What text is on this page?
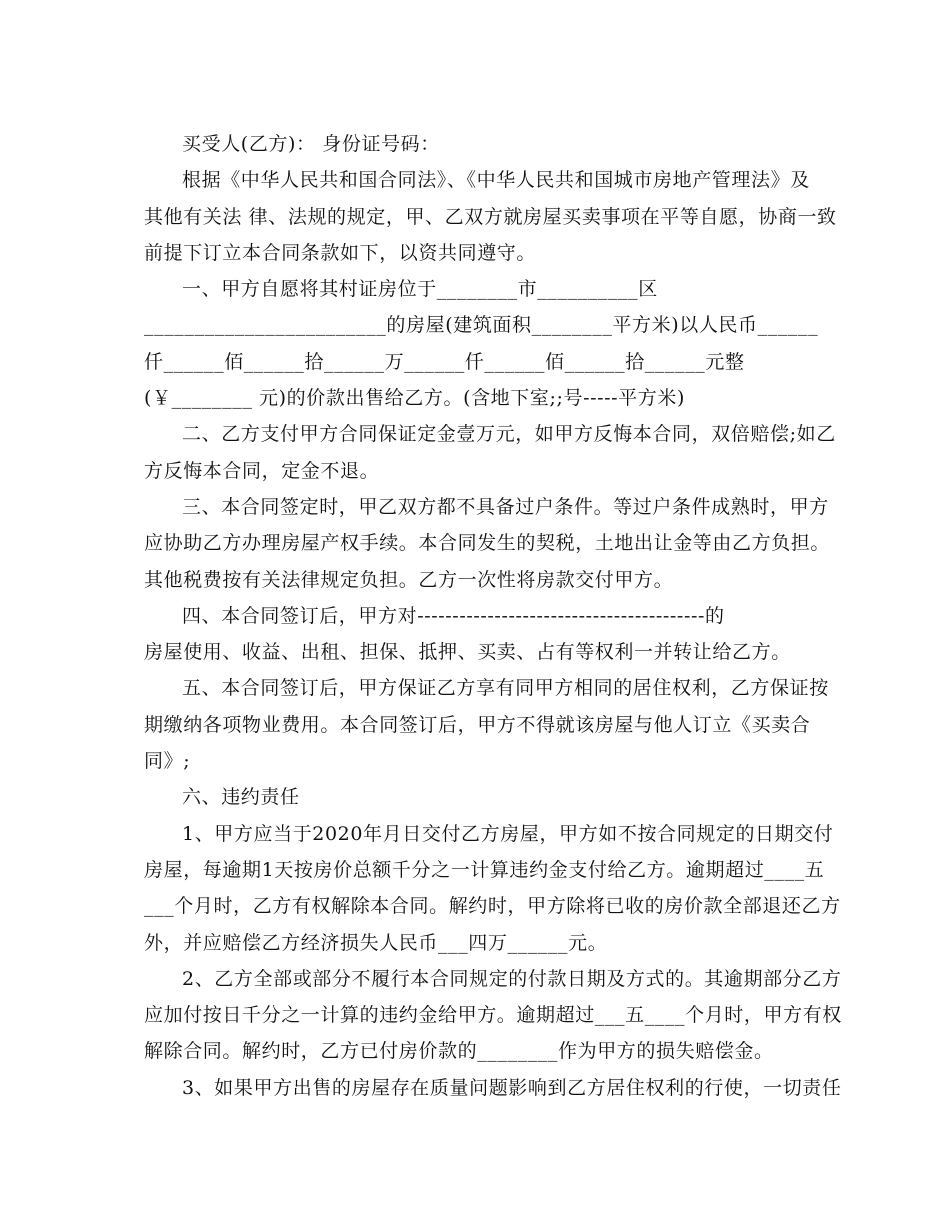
买受人(乙方)： 身份证号码：
根据《中华人民共和国合同法》、《中华人民共和国城市房地产管理法》及
其他有关法 律、法规的规定，甲、乙双方就房屋买卖事项在平等自愿，协商一致
前提下订立本合同条款如下，以资共同遵守。
一、甲方自愿将其村证房位于________市__________区
________________________的房屋(建筑面积________平方米)以人民币______
仟______佰______拾______万______仟______佰______拾______元整
(￥________ 元)的价款出售给乙方。(含地下室;;号-----平方米)
二、乙方支付甲方合同保证定金壹万元，如甲方反悔本合同，双倍赔偿;如乙
方反悔本合同，定金不退。
三、本合同签定时，甲乙双方都不具备过户条件。等过户条件成熟时，甲方
应协助乙方办理房屋产权手续。本合同发生的契税，土地出让金等由乙方负担。
其他税费按有关法律规定负担。乙方一次性将房款交付甲方。
四、本合同签订后，甲方对-----------------------------------------的
房屋使用、收益、出租、担保、抵押、买卖、占有等权利一并转让给乙方。
五、本合同签订后，甲方保证乙方享有同甲方相同的居住权利，乙方保证按
期缴纳各项物业费用。本合同签订后，甲方不得就该房屋与他人订立《买卖合
同》;
六、违约责任
1、甲方应当于2020年月日交付乙方房屋，甲方如不按合同规定的日期交付
房屋，每逾期1天按房价总额千分之一计算违约金支付给乙方。逾期超过____五
___个月时，乙方有权解除本合同。解约时，甲方除将已收的房价款全部退还乙方
外，并应赔偿乙方经济损失人民币___四万______元。
2、乙方全部或部分不履行本合同规定的付款日期及方式的。其逾期部分乙方
应加付按日千分之一计算的违约金给甲方。逾期超过___五____个月时，甲方有权
解除合同。解约时，乙方已付房价款的________作为甲方的损失赔偿金。
3、如果甲方出售的房屋存在质量问题影响到乙方居住权利的行使，一切责任
